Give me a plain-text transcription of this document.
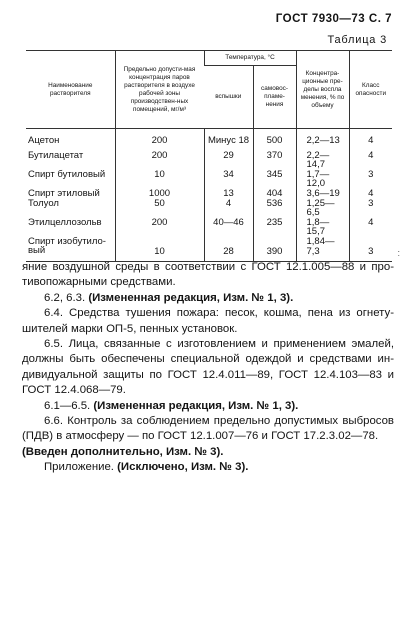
ГОСТ 7930—73 С. 7
Таблица 3
Наименование растворителя	Предельно допусти-мая концентрация паров растворителя в воздухе рабочей зоны производствен-ных помещений, мг/м³	Температура, °С		Концентра-ционные пре-делы воспла менения, % по объему	Класс опасности
		вспышки	самовос-пламе-нения		

Ацетон	200	Минус 18	500	2,2—13	4
Бутилацетат	200	29	370	2,2—14,7	4
Спирт бутиловый	10	34	345	1,7—12,0	3
Спирт этиловый	1000	13	404	3,6—19	4
Толуол	50	4	536	1,25—6,5	3
Этилцеллозольв	200	40—46	235	1,8—15,7	4
Спирт изобутило-вый	10	28	390	1,84—7,3	3	:

яние воздушной среды в соответствии с ГОСТ 12.1.005—88 и про-тивопожарными средствами.

6.2, 6.3. (Измененная редакция, Изм. № 1, 3).

6.4. Средства тушения пожара: песок, кошма, пена из огнету-шителей марки ОП-5, пенных установок.

6.5. Лица, связанные с изготовлением и применением эмалей, должны быть обеспечены специальной одеждой и средствами ин-дивидуальной защиты по ГОСТ 12.4.011—89, ГОСТ 12.4.103—83 и ГОСТ 12.4.068—79.

6.1—6.5. (Измененная редакция, Изм. № 1, 3).

6.6. Контроль за соблюдением предельно допустимых выбросов (ПДВ) в атмосферу — по ГОСТ 12.1.007—76 и ГОСТ 17.2.3.02—78.

(Введен дополнительно, Изм. № 3).

Приложение. (Исключено, Изм. № 3).
